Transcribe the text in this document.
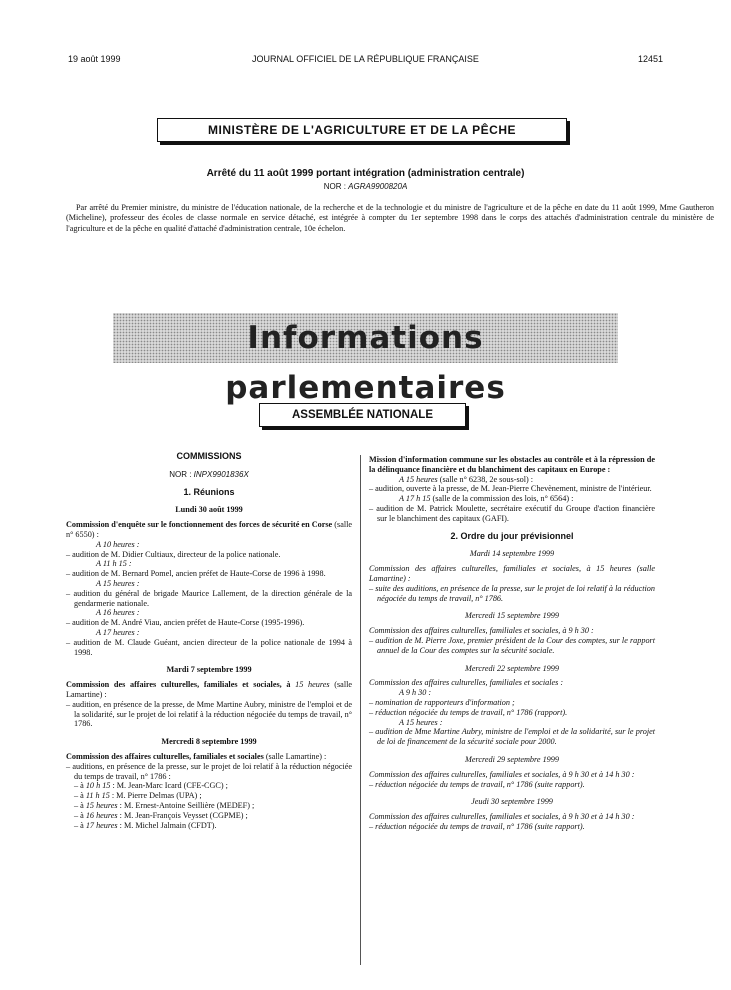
19 août 1999	JOURNAL OFFICIEL DE LA RÉPUBLIQUE FRANÇAISE	12451
MINISTÈRE DE L'AGRICULTURE ET DE LA PÊCHE
Arrêté du 11 août 1999 portant intégration (administration centrale)
NOR : AGRA9900820A

Par arrêté du Premier ministre, du ministre de l'éducation nationale, de la recherche et de la technologie et du ministre de l'agriculture et de la pêche en date du 11 août 1999, Mme Gautheron (Micheline), professeur des écoles de classe normale en service détaché, est intégrée à compter du 1er septembre 1998 dans le corps des attachés d'administration centrale du ministère de l'agriculture et de la pêche en qualité d'attaché d'administration centrale, 10e échelon.

Informations parlementaires
ASSEMBLÉE NATIONALE

COMMISSIONS

NOR : INPX9901836X

1. Réunions

Lundi 30 août 1999

Commission d'enquête sur le fonctionnement des forces de sécurité en Corse (salle n° 6550) :

A 10 heures :

– audition de M. Didier Cultiaux, directeur de la police nationale.

A 11 h 15 :

– audition de M. Bernard Pomel, ancien préfet de Haute-Corse de 1996 à 1998.

A 15 heures :

– audition du général de brigade Maurice Lallement, de la direction générale de la gendarmerie nationale.

A 16 heures :

– audition de M. André Viau, ancien préfet de Haute-Corse (1995-1996).

A 17 heures :

– audition de M. Claude Guéant, ancien directeur de la police nationale de 1994 à 1998.

Mardi 7 septembre 1999

Commission des affaires culturelles, familiales et sociales, à 15 heures (salle Lamartine) :

– audition, en présence de la presse, de Mme Martine Aubry, ministre de l'emploi et de la solidarité, sur le projet de loi relatif à la réduction négociée du temps de travail, n° 1786.

Mercredi 8 septembre 1999

Commission des affaires culturelles, familiales et sociales (salle Lamartine) :

– auditions, en présence de la presse, sur le projet de loi relatif à la réduction négociée du temps de travail, n° 1786 :

– à 10 h 15 : M. Jean-Marc Icard (CFE-CGC) ;

– à 11 h 15 : M. Pierre Delmas (UPA) ;

– à 15 heures : M. Ernest-Antoine Seillière (MEDEF) ;

– à 16 heures : M. Jean-François Veysset (CGPME) ;

– à 17 heures : M. Michel Jalmain (CFDT).

Mission d'information commune sur les obstacles au contrôle et à la répression de la délinquance financière et du blanchiment des capitaux en Europe :

A 15 heures (salle n° 6238, 2e sous-sol) :

– audition, ouverte à la presse, de M. Jean-Pierre Chevènement, ministre de l'intérieur.

A 17 h 15 (salle de la commission des lois, n° 6564) :

– audition de M. Patrick Moulette, secrétaire exécutif du Groupe d'action financière sur le blanchiment des capitaux (GAFI).

2. Ordre du jour prévisionnel

Mardi 14 septembre 1999

Commission des affaires culturelles, familiales et sociales, à 15 heures (salle Lamartine) :

– suite des auditions, en présence de la presse, sur le projet de loi relatif à la réduction négociée du temps de travail, n° 1786.

Mercredi 15 septembre 1999

Commission des affaires culturelles, familiales et sociales, à 9 h 30 :

– audition de M. Pierre Joxe, premier président de la Cour des comptes, sur le rapport annuel de la Cour des comptes sur la sécurité sociale.

Mercredi 22 septembre 1999

Commission des affaires culturelles, familiales et sociales :

A 9 h 30 :

– nomination de rapporteurs d'information ;

– réduction négociée du temps de travail, n° 1786 (rapport).

A 15 heures :

– audition de Mme Martine Aubry, ministre de l'emploi et de la solidarité, sur le projet de loi de financement de la sécurité sociale pour 2000.

Mercredi 29 septembre 1999

Commission des affaires culturelles, familiales et sociales, à 9 h 30 et à 14 h 30 :

– réduction négociée du temps de travail, n° 1786 (suite rapport).

Jeudi 30 septembre 1999

Commission des affaires culturelles, familiales et sociales, à 9 h 30 et à 14 h 30 :

– réduction négociée du temps de travail, n° 1786 (suite rapport).
